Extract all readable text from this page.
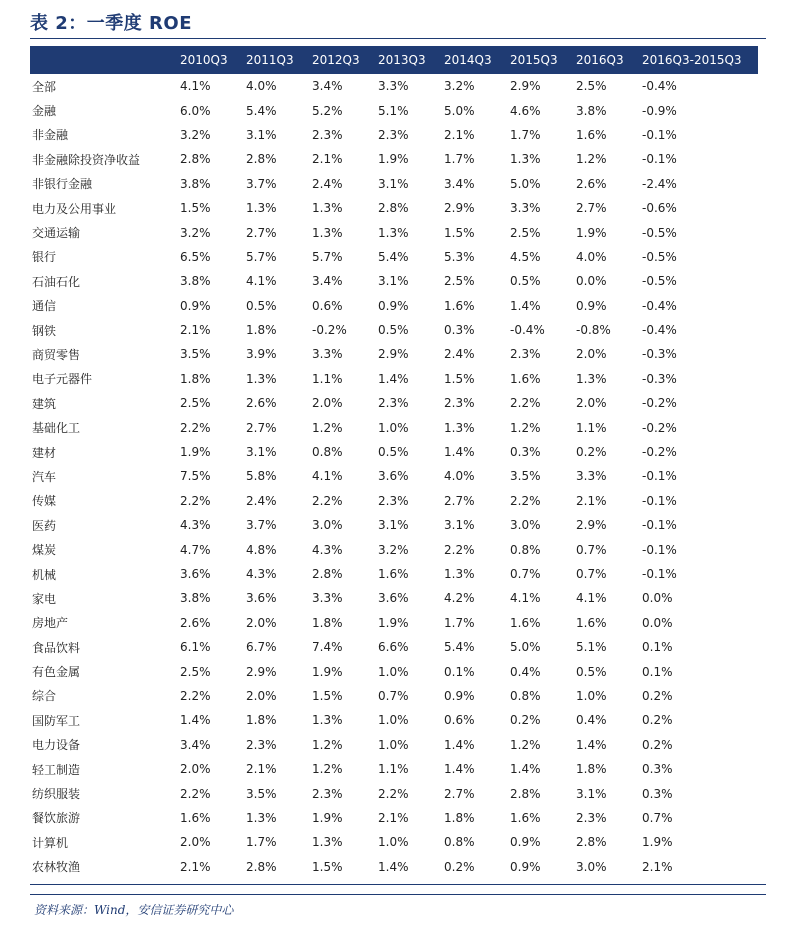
表 2：一季度 ROE
	2010Q3	2011Q3	2012Q3	2013Q3	2014Q3	2015Q3	2016Q3	2016Q3-2015Q3
全部	4.1%	4.0%	3.4%	3.3%	3.2%	2.9%	2.5%	-0.4%
金融	6.0%	5.4%	5.2%	5.1%	5.0%	4.6%	3.8%	-0.9%
非金融	3.2%	3.1%	2.3%	2.3%	2.1%	1.7%	1.6%	-0.1%
非金融除投资净收益	2.8%	2.8%	2.1%	1.9%	1.7%	1.3%	1.2%	-0.1%
非银行金融	3.8%	3.7%	2.4%	3.1%	3.4%	5.0%	2.6%	-2.4%
电力及公用事业	1.5%	1.3%	1.3%	2.8%	2.9%	3.3%	2.7%	-0.6%
交通运输	3.2%	2.7%	1.3%	1.3%	1.5%	2.5%	1.9%	-0.5%
银行	6.5%	5.7%	5.7%	5.4%	5.3%	4.5%	4.0%	-0.5%
石油石化	3.8%	4.1%	3.4%	3.1%	2.5%	0.5%	0.0%	-0.5%
通信	0.9%	0.5%	0.6%	0.9%	1.6%	1.4%	0.9%	-0.4%
钢铁	2.1%	1.8%	-0.2%	0.5%	0.3%	-0.4%	-0.8%	-0.4%
商贸零售	3.5%	3.9%	3.3%	2.9%	2.4%	2.3%	2.0%	-0.3%
电子元器件	1.8%	1.3%	1.1%	1.4%	1.5%	1.6%	1.3%	-0.3%
建筑	2.5%	2.6%	2.0%	2.3%	2.3%	2.2%	2.0%	-0.2%
基础化工	2.2%	2.7%	1.2%	1.0%	1.3%	1.2%	1.1%	-0.2%
建材	1.9%	3.1%	0.8%	0.5%	1.4%	0.3%	0.2%	-0.2%
汽车	7.5%	5.8%	4.1%	3.6%	4.0%	3.5%	3.3%	-0.1%
传媒	2.2%	2.4%	2.2%	2.3%	2.7%	2.2%	2.1%	-0.1%
医药	4.3%	3.7%	3.0%	3.1%	3.1%	3.0%	2.9%	-0.1%
煤炭	4.7%	4.8%	4.3%	3.2%	2.2%	0.8%	0.7%	-0.1%
机械	3.6%	4.3%	2.8%	1.6%	1.3%	0.7%	0.7%	-0.1%
家电	3.8%	3.6%	3.3%	3.6%	4.2%	4.1%	4.1%	0.0%
房地产	2.6%	2.0%	1.8%	1.9%	1.7%	1.6%	1.6%	0.0%
食品饮料	6.1%	6.7%	7.4%	6.6%	5.4%	5.0%	5.1%	0.1%
有色金属	2.5%	2.9%	1.9%	1.0%	0.1%	0.4%	0.5%	0.1%
综合	2.2%	2.0%	1.5%	0.7%	0.9%	0.8%	1.0%	0.2%
国防军工	1.4%	1.8%	1.3%	1.0%	0.6%	0.2%	0.4%	0.2%
电力设备	3.4%	2.3%	1.2%	1.0%	1.4%	1.2%	1.4%	0.2%
轻工制造	2.0%	2.1%	1.2%	1.1%	1.4%	1.4%	1.8%	0.3%
纺织服装	2.2%	3.5%	2.3%	2.2%	2.7%	2.8%	3.1%	0.3%
餐饮旅游	1.6%	1.3%	1.9%	2.1%	1.8%	1.6%	2.3%	0.7%
计算机	2.0%	1.7%	1.3%	1.0%	0.8%	0.9%	2.8%	1.9%
农林牧渔	2.1%	2.8%	1.5%	1.4%	0.2%	0.9%	3.0%	2.1%
资料来源：Wind，安信证券研究中心
